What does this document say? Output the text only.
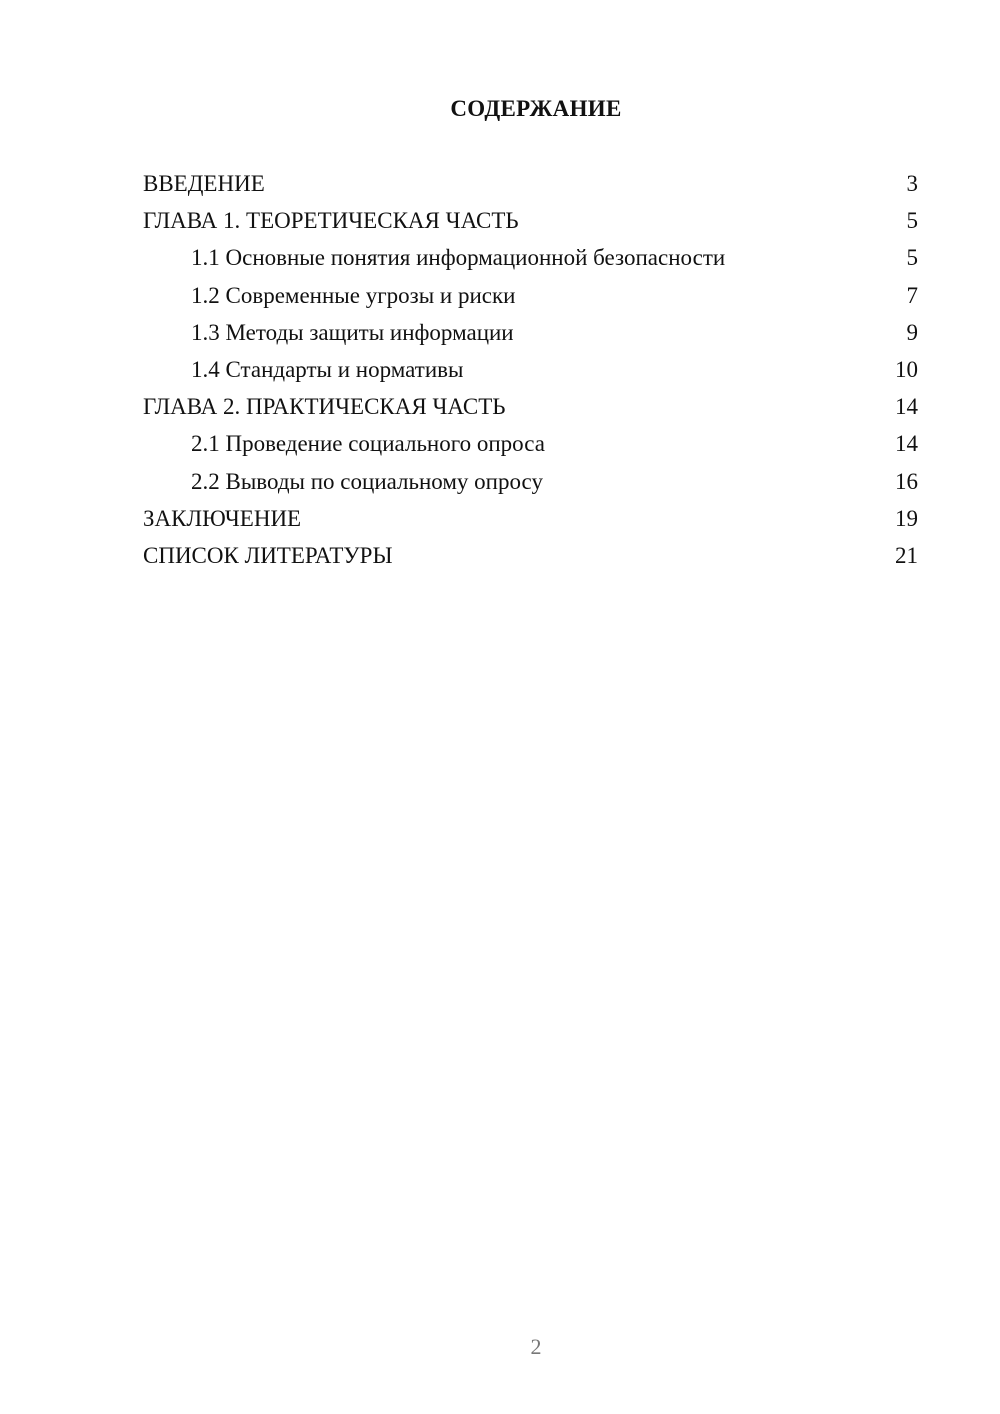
СОДЕРЖАНИЕ
ВВЕДЕНИЕ	3
ГЛАВА 1. ТЕОРЕТИЧЕСКАЯ ЧАСТЬ	5
1.1 Основные понятия информационной безопасности	5
1.2 Современные угрозы и риски	7
1.3 Методы защиты информации	9
1.4 Стандарты и нормативы	10
ГЛАВА 2. ПРАКТИЧЕСКАЯ ЧАСТЬ	14
2.1 Проведение социального опроса	14
2.2 Выводы по социальному опросу	16
ЗАКЛЮЧЕНИЕ	19
СПИСОК ЛИТЕРАТУРЫ	21
2
